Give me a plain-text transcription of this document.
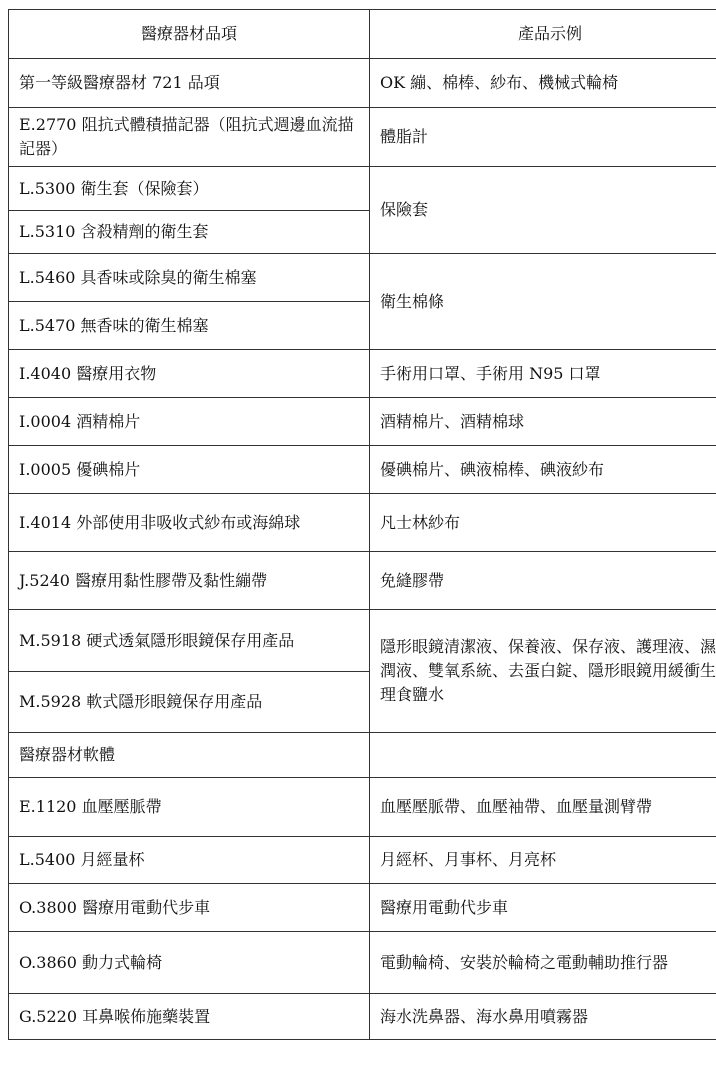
醫療器材品項	產品示例
第一等級醫療器材 721 品項	OK 繃、棉棒、紗布、機械式輪椅
E.2770 阻抗式體積描記器（阻抗式週邊血流描記器）	體脂計
L.5300 衛生套（保險套）	保險套
L.5310 含殺精劑的衛生套	
L.5460 具香味或除臭的衛生棉塞	衛生棉條
L.5470 無香味的衛生棉塞	
I.4040 醫療用衣物	手術用口罩、手術用 N95 口罩
I.0004 酒精棉片	酒精棉片、酒精棉球
I.0005 優碘棉片	優碘棉片、碘液棉棒、碘液紗布
I.4014 外部使用非吸收式紗布或海綿球	凡士林紗布
J.5240 醫療用黏性膠帶及黏性繃帶	免縫膠帶
M.5918 硬式透氣隱形眼鏡保存用產品	隱形眼鏡清潔液、保養液、保存液、護理液、濕潤液、雙氧系統、去蛋白錠、隱形眼鏡用緩衝生理食鹽水
M.5928 軟式隱形眼鏡保存用產品	
醫療器材軟體	
E.1120 血壓壓脈帶	血壓壓脈帶、血壓袖帶、血壓量測臂帶
L.5400 月經量杯	月經杯、月事杯、月亮杯
O.3800 醫療用電動代步車	醫療用電動代步車
O.3860 動力式輪椅	電動輪椅、安裝於輪椅之電動輔助推行器
G.5220 耳鼻喉佈施藥裝置	海水洗鼻器、海水鼻用噴霧器
